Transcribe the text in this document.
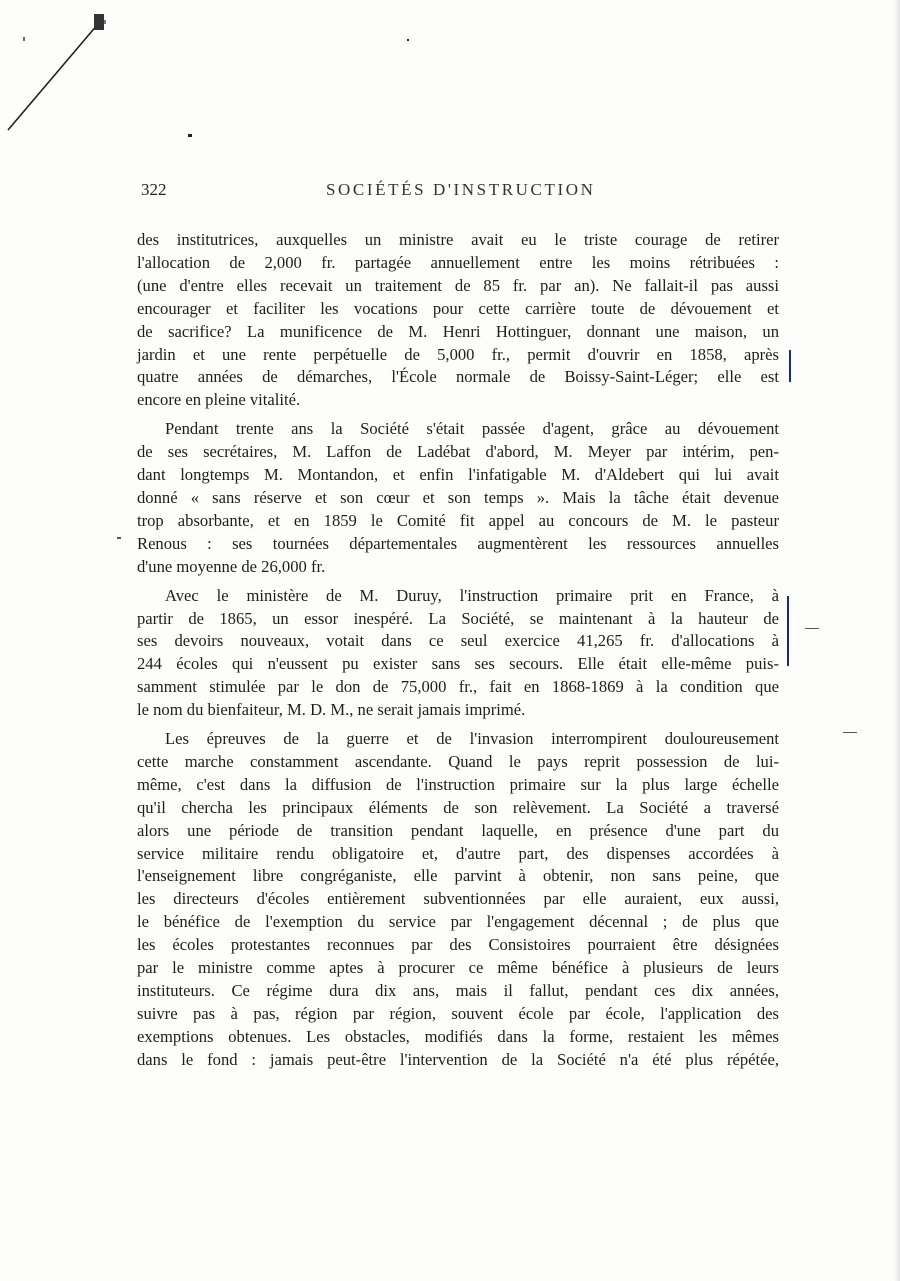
322	SOCIÉTÉS D'INSTRUCTION

des institutrices, auxquelles un ministre avait eu le triste courage de retirer
l'allocation de 2,000 fr. partagée annuellement entre les moins rétribuées :
(une d'entre elles recevait un traitement de 85 fr. par an). Ne fallait-il pas aussi
encourager et faciliter les vocations pour cette carrière toute de dévouement et
de sacrifice? La munificence de M. Henri Hottinguer, donnant une maison, un
jardin et une rente perpétuelle de 5,000 fr., permit d'ouvrir en 1858, après
quatre années de démarches, l'École normale de Boissy-Saint-Léger; elle est
encore en pleine vitalité.

Pendant trente ans la Société s'était passée d'agent, grâce au dévouement
de ses secrétaires, M. Laffon de Ladébat d'abord, M. Meyer par intérim, pen-
dant longtemps M. Montandon, et enfin l'infatigable M. d'Aldebert qui lui avait
donné « sans réserve et son cœur et son temps ». Mais la tâche était devenue
trop absorbante, et en 1859 le Comité fit appel au concours de M. le pasteur
Renous : ses tournées départementales augmentèrent les ressources annuelles
d'une moyenne de 26,000 fr.

Avec le ministère de M. Duruy, l'instruction primaire prit en France, à
partir de 1865, un essor inespéré. La Société, se maintenant à la hauteur de
ses devoirs nouveaux, votait dans ce seul exercice 41,265 fr. d'allocations à
244 écoles qui n'eussent pu exister sans ses secours. Elle était elle-même puis-
samment stimulée par le don de 75,000 fr., fait en 1868-1869 à la condition que
le nom du bienfaiteur, M. D. M., ne serait jamais imprimé.

Les épreuves de la guerre et de l'invasion interrompirent douloureusement
cette marche constamment ascendante. Quand le pays reprit possession de lui-
même, c'est dans la diffusion de l'instruction primaire sur la plus large échelle
qu'il chercha les principaux éléments de son relèvement. La Société a traversé
alors une période de transition pendant laquelle, en présence d'une part du
service militaire rendu obligatoire et, d'autre part, des dispenses accordées à
l'enseignement libre congréganiste, elle parvint à obtenir, non sans peine, que
les directeurs d'écoles entièrement subventionnées par elle auraient, eux aussi,
le bénéfice de l'exemption du service par l'engagement décennal ; de plus que
les écoles protestantes reconnues par des Consistoires pourraient être désignées
par le ministre comme aptes à procurer ce même bénéfice à plusieurs de leurs
instituteurs. Ce régime dura dix ans, mais il fallut, pendant ces dix années,
suivre pas à pas, région par région, souvent école par école, l'application des
exemptions obtenues. Les obstacles, modifiés dans la forme, restaient les mêmes
dans le fond : jamais peut-être l'intervention de la Société n'a été plus répétée,
